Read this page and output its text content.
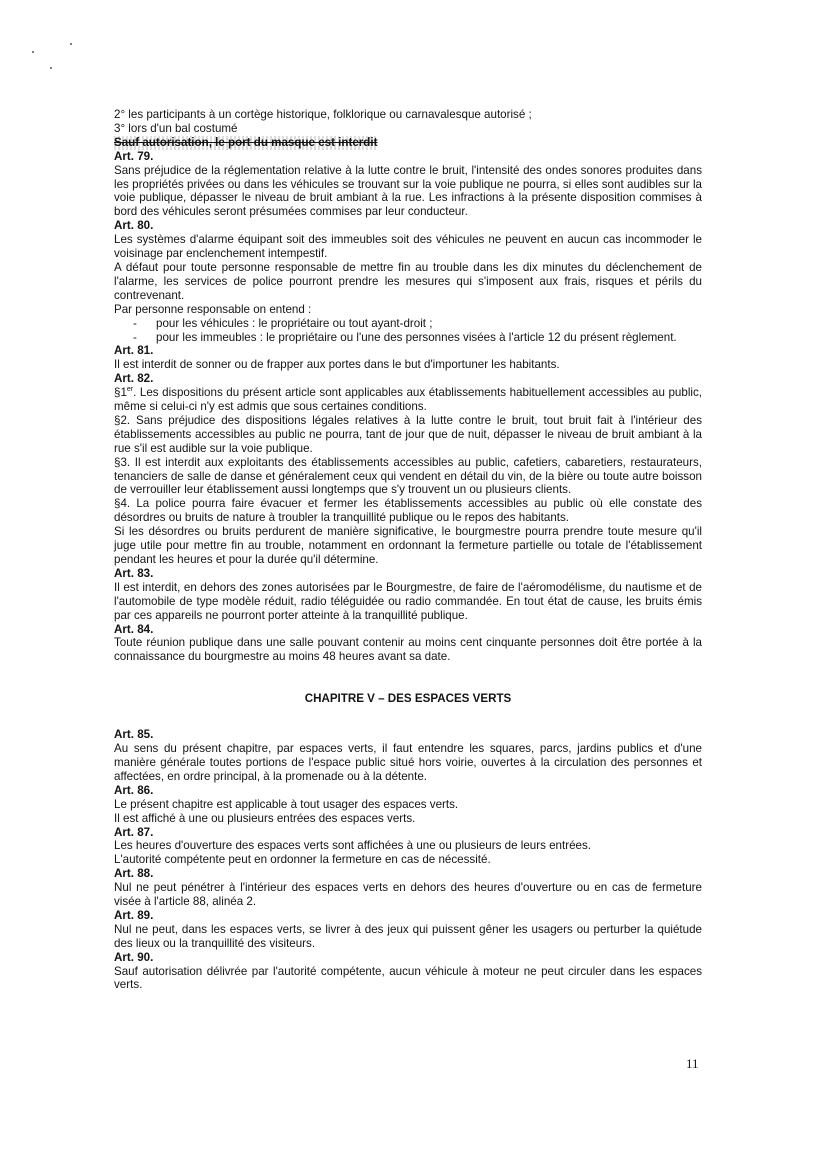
2° les participants à un cortège historique, folklorique ou carnavalesque autorisé ;

3° lors d'un bal costumé

Sauf autorisation, le port du masque est interdit

Art. 79.

Sans préjudice de la réglementation relative à la lutte contre le bruit, l'intensité des ondes sonores produites dans les propriétés privées ou dans les véhicules se trouvant sur la voie publique ne pourra, si elles sont audibles sur la voie publique, dépasser le niveau de bruit ambiant à la rue. Les infractions à la présente disposition commises à bord des véhicules seront présumées commises par leur conducteur.

Art. 80.

Les systèmes d'alarme équipant soit des immeubles soit des véhicules ne peuvent en aucun cas incommoder le voisinage par enclenchement intempestif.

A défaut pour toute personne responsable de mettre fin au trouble dans les dix minutes du déclenchement de l'alarme, les services de police pourront prendre les mesures qui s'imposent aux frais, risques et périls du contrevenant.

Par personne responsable on entend :

- pour les véhicules : le propriétaire ou tout ayant-droit ;
- pour les immeubles : le propriétaire ou l'une des personnes visées à l'article 12 du présent règlement.

Art. 81.

Il est interdit de sonner ou de frapper aux portes dans le but d'importuner les habitants.

Art. 82.

§1er. Les dispositions du présent article sont applicables aux établissements habituellement accessibles au public, même si celui-ci n'y est admis que sous certaines conditions.

§2. Sans préjudice des dispositions légales relatives à la lutte contre le bruit, tout bruit fait à l'intérieur des établissements accessibles au public ne pourra, tant de jour que de nuit, dépasser le niveau de bruit ambiant à la rue s'il est audible sur la voie publique.

§3. Il est interdit aux exploitants des établissements accessibles au public, cafetiers, cabaretiers, restaurateurs, tenanciers de salle de danse et généralement ceux qui vendent en détail du vin, de la bière ou toute autre boisson de verrouiller leur établissement aussi longtemps que s'y trouvent un ou plusieurs clients.

§4. La police pourra faire évacuer et fermer les établissements accessibles au public où elle constate des désordres ou bruits de nature à troubler la tranquillité publique ou le repos des habitants.

Si les désordres ou bruits perdurent de manière significative, le bourgmestre pourra prendre toute mesure qu'il juge utile pour mettre fin au trouble, notamment en ordonnant la fermeture partielle ou totale de l'établissement pendant les heures et pour la durée qu'il détermine.

Art. 83.

Il est interdit, en dehors des zones autorisées par le Bourgmestre, de faire de l'aéromodélisme, du nautisme et de l'automobile de type modèle réduit, radio téléguidée ou radio commandée. En tout état de cause, les bruits émis par ces appareils ne pourront porter atteinte à la tranquillité publique.

Art. 84.

Toute réunion publique dans une salle pouvant contenir au moins cent cinquante personnes doit être portée à la connaissance du bourgmestre au moins 48 heures avant sa date.

CHAPITRE V – DES ESPACES VERTS

Art. 85.

Au sens du présent chapitre, par espaces verts, il faut entendre les squares, parcs, jardins publics et d'une manière générale toutes portions de l'espace public situé hors voirie, ouvertes à la circulation des personnes et affectées, en ordre principal, à la promenade ou à la détente.

Art. 86.

Le présent chapitre est applicable à tout usager des espaces verts.

Il est affiché à une ou plusieurs entrées des espaces verts.

Art. 87.

Les heures d'ouverture des espaces verts sont affichées à une ou plusieurs de leurs entrées.

L'autorité compétente peut en ordonner la fermeture en cas de nécessité.

Art. 88.

Nul ne peut pénétrer à l'intérieur des espaces verts en dehors des heures d'ouverture ou en cas de fermeture visée à l'article 88, alinéa 2.

Art. 89.

Nul ne peut, dans les espaces verts, se livrer à des jeux qui puissent gêner les usagers ou perturber la quiétude des lieux ou la tranquillité des visiteurs.

Art. 90.

Sauf autorisation délivrée par l'autorité compétente, aucun véhicule à moteur ne peut circuler dans les espaces verts.

11
